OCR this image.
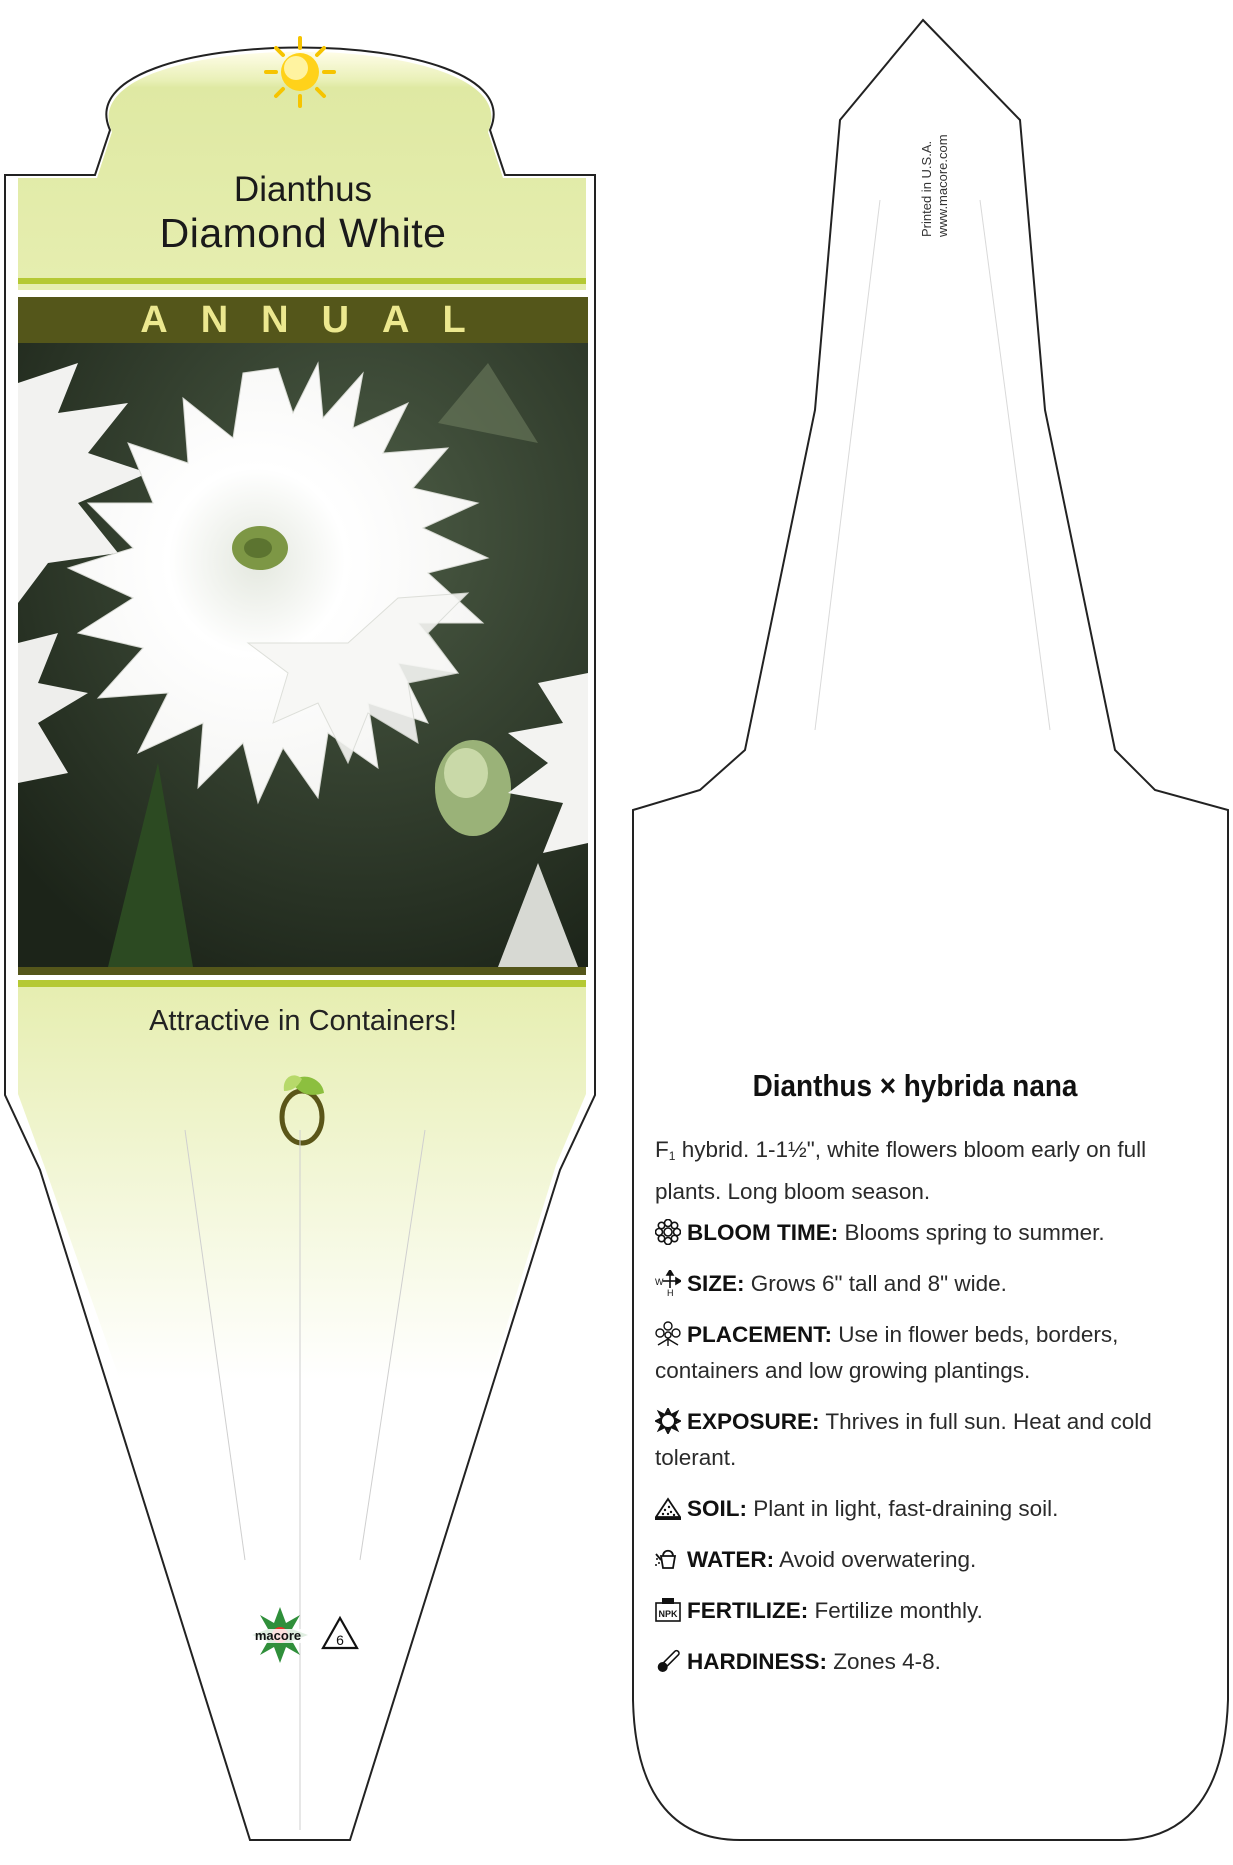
Dianthus
Diamond White
ANNUAL
Attractive in Containers!
macore	6
Printed in U.S.A. www.macore.com
Dianthus × hybrida nana
F1 hybrid. 1-1½", white flowers bloom early on full plants. Long bloom season.
BLOOM TIME: Blooms spring to summer.
W
H SIZE: Grows 6" tall and 8" wide.
PLACEMENT: Use in flower beds, borders, containers and low growing plantings.
EXPOSURE: Thrives in full sun. Heat and cold tolerant.
SOIL: Plant in light, fast-draining soil.
WATER: Avoid overwatering.
NPK FERTILIZE: Fertilize monthly.
HARDINESS: Zones 4-8.
